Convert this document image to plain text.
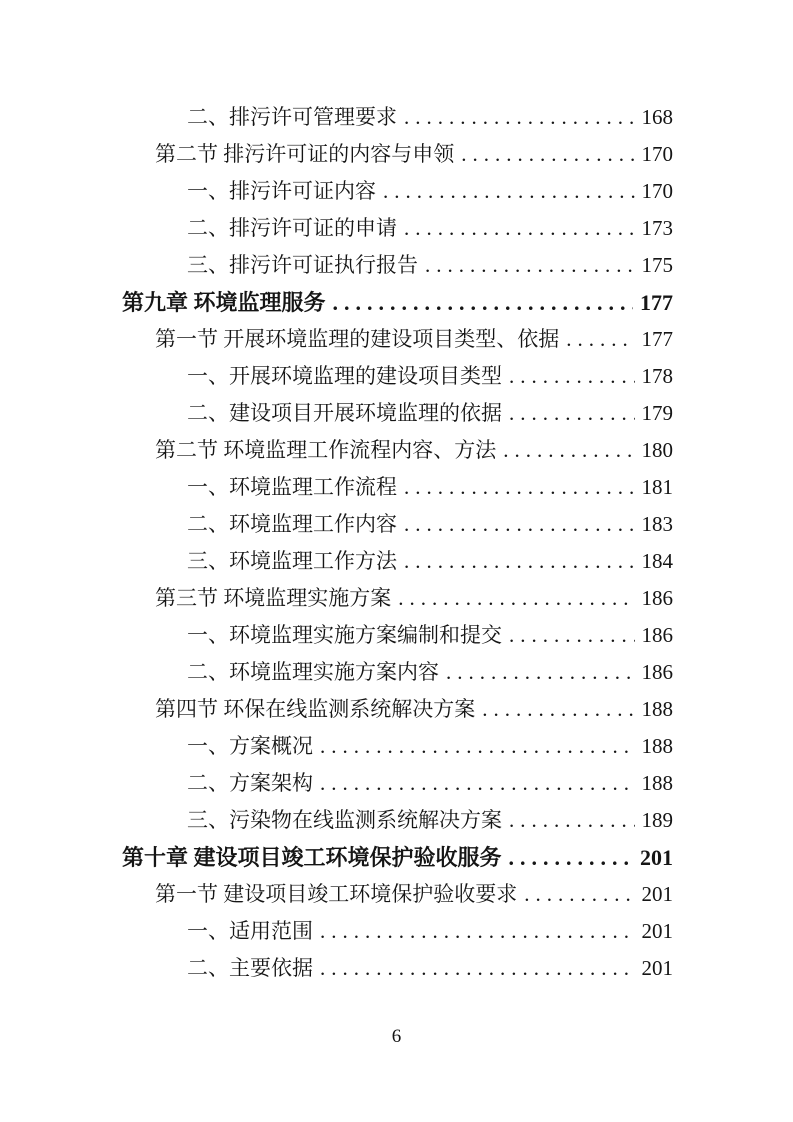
二、排污许可管理要求 .....	168
第二节 排污许可证的内容与申领 .....	170
一、排污许可证内容 .....	170
二、排污许可证的申请 .....	173
三、排污许可证执行报告 .....	175
第九章 环境监理服务 .....	177
第一节 开展环境监理的建设项目类型、依据 .....	177
一、开展环境监理的建设项目类型 .....	178
二、建设项目开展环境监理的依据 .....	179
第二节 环境监理工作流程内容、方法 .....	180
一、环境监理工作流程 .....	181
二、环境监理工作内容 .....	183
三、环境监理工作方法 .....	184
第三节 环境监理实施方案 .....	186
一、环境监理实施方案编制和提交 .....	186
二、环境监理实施方案内容 .....	186
第四节 环保在线监测系统解决方案 .....	188
一、方案概况 .....	188
二、方案架构 .....	188
三、污染物在线监测系统解决方案 .....	189
第十章 建设项目竣工环境保护验收服务 .....	201
第一节 建设项目竣工环境保护验收要求 .....	201
一、适用范围 .....	201
二、主要依据 .....	201
6
